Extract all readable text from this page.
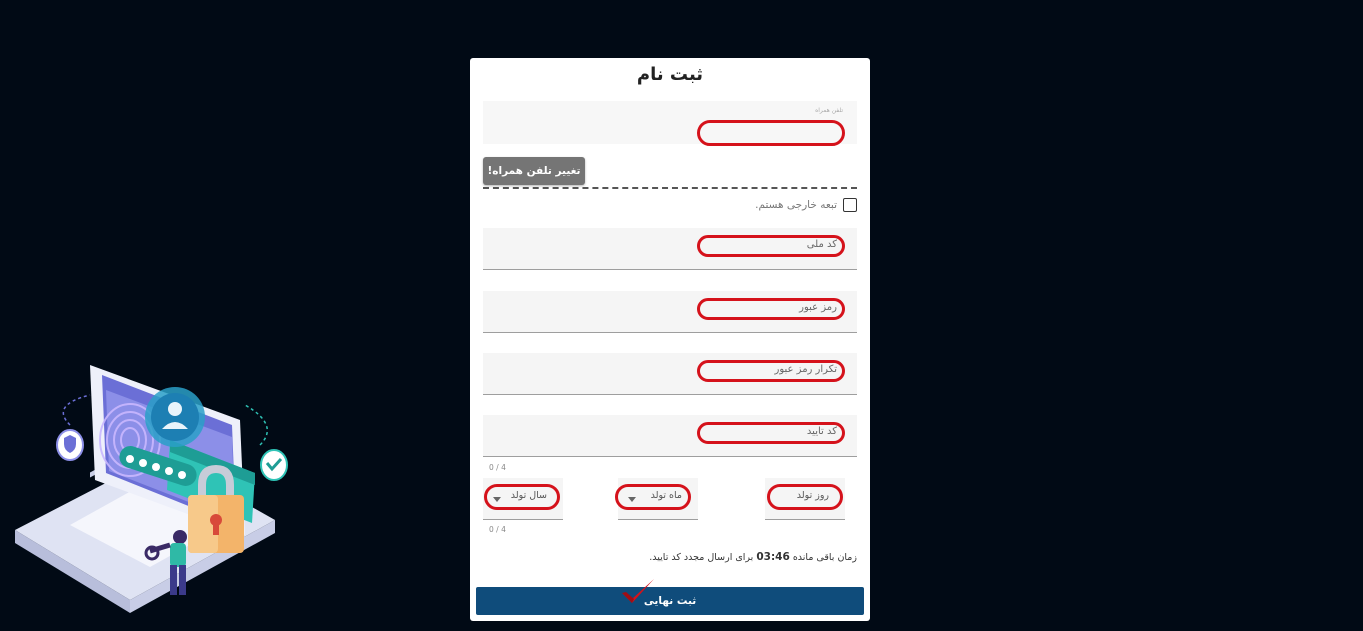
ثبت نام
تلفن همراه
تغییر تلفن همراه!
تبعه خارجی هستم.
کد ملی
رمز عبور
تکرار رمز عبور
کد تایید
0 / 4
روز تولد
ماه تولد
سال تولد
0 / 4
زمان باقی مانده 03:46 برای ارسال مجدد کد تایید.
ثبت نهایی
